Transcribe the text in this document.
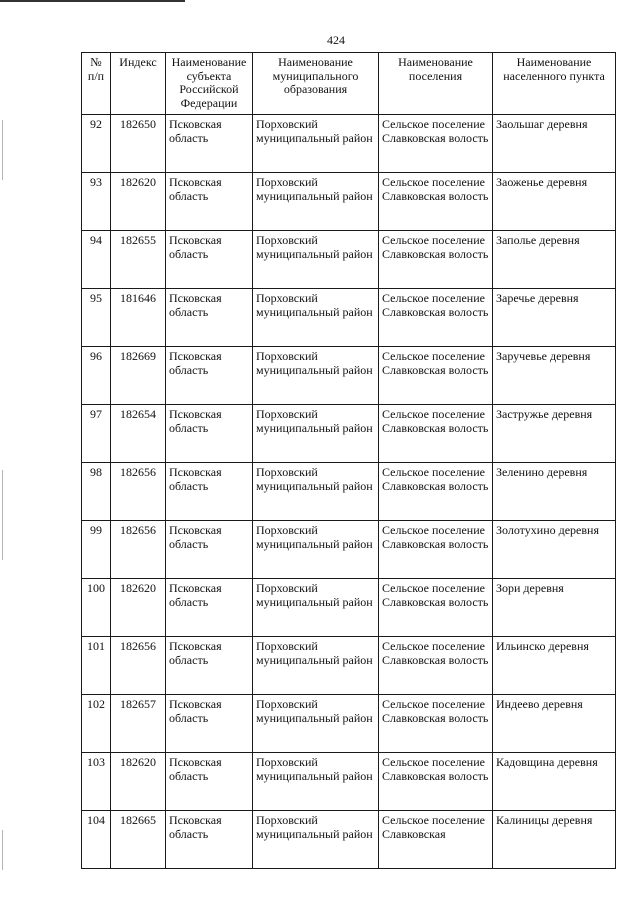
424
№ п/п	Индекс	Наименование субъекта Российской Федерации	Наименование муниципального образования	Наименование поселения	Наименование населенного пункта
92	182650	Псковская область	Порховский муниципальный район	Сельское поселение Славковская волость	Заольшаг деревня
93	182620	Псковская область	Порховский муниципальный район	Сельское поселение Славковская волость	Заоженье деревня
94	182655	Псковская область	Порховский муниципальный район	Сельское поселение Славковская волость	Заполье деревня
95	181646	Псковская область	Порховский муниципальный район	Сельское поселение Славковская волость	Заречье деревня
96	182669	Псковская область	Порховский муниципальный район	Сельское поселение Славковская волость	Заручевье деревня
97	182654	Псковская область	Порховский муниципальный район	Сельское поселение Славковская волость	Застружье деревня
98	182656	Псковская область	Порховский муниципальный район	Сельское поселение Славковская волость	Зеленино деревня
99	182656	Псковская область	Порховский муниципальный район	Сельское поселение Славковская волость	Золотухино деревня
100	182620	Псковская область	Порховский муниципальный район	Сельское поселение Славковская волость	Зори деревня
101	182656	Псковская область	Порховский муниципальный район	Сельское поселение Славковская волость	Ильинско деревня
102	182657	Псковская область	Порховский муниципальный район	Сельское поселение Славковская волость	Индеево деревня
103	182620	Псковская область	Порховский муниципальный район	Сельское поселение Славковская волость	Кадовщина деревня
104	182665	Псковская область	Порховский муниципальный район	Сельское поселение Славковская	Калиницы деревня
